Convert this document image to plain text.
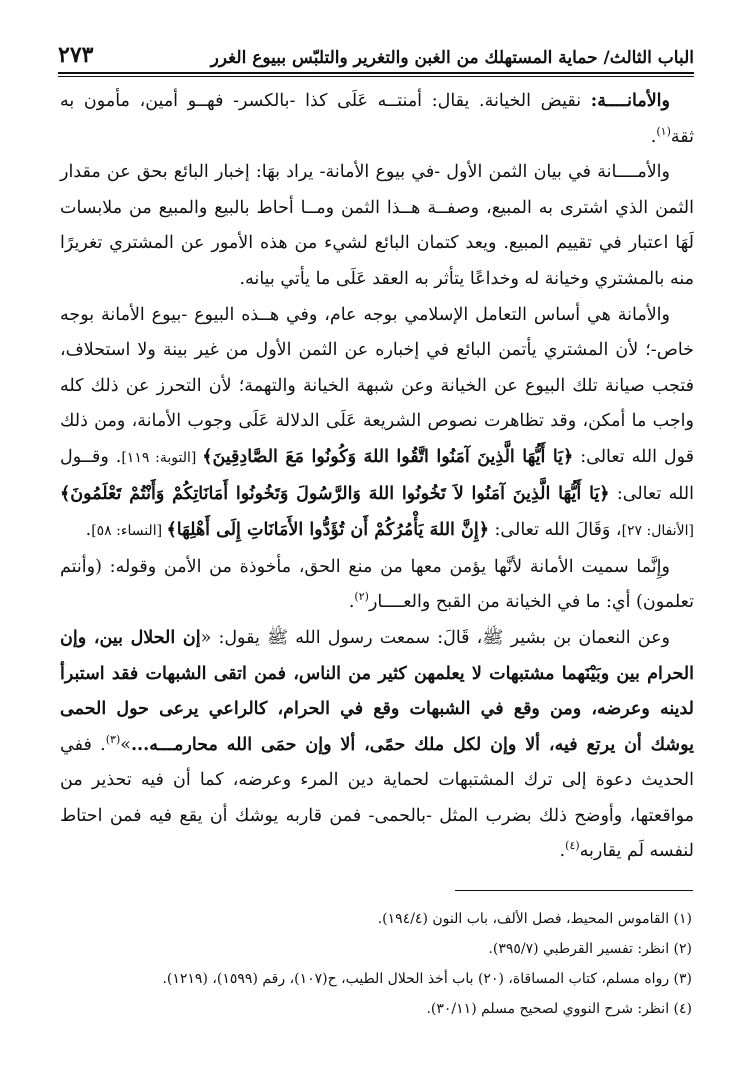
٢٧٣	الباب الثالث/ حماية المستهلك من الغبن والتغرير والتلبّس ببيوع الغرر

والأمانــــة: نقيض الخيانة. يقال: أمنتــه عَلَى كذا -بالكسر- فهــو أمين، مأمون به ثقة$^{(١)}$.

والأمــــانة في بيان الثمن الأول -في بيوع الأمانة- يراد بهَا: إخبار البائع بحق عن مقدار الثمن الذي اشترى به المبيع، وصفــة هــذا الثمن ومــا أحاط بالبيع والمبيع من ملابسات لَهَا اعتبار في تقييم المبيع. ويعد كتمان البائع لشيء من هذه الأمور عن المشتري تغريرًا منه بالمشتري وخيانة له وخداعًا يتأثر به العقد عَلَى ما يأتي بيانه.

والأمانة هي أساس التعامل الإسلامي بوجه عام، وفي هــذه البيوع -بيوع الأمانة بوجه خاص-؛ لأن المشتري يأتمن البائع في إخباره عن الثمن الأول من غير بينة ولا استحلاف، فتجب صيانة تلك البيوع عن الخيانة وعن شبهة الخيانة والتهمة؛ لأن التحرز عن ذلك كله واجب ما أمكن، وقد تظاهرت نصوص الشريعة عَلَى الدلالة عَلَى وجوب الأمانة، ومن ذلك قول الله تعالى: ﴿يَا أَيُّهَا الَّذِينَ آمَنُوا اتَّقُوا اللهَ وَكُونُوا مَعَ الصَّادِقِينَ﴾ [التوبة: ١١٩]. وقــول الله تعالى: ﴿يَا أَيُّهَا الَّذِينَ آمَنُوا لاَ تَخُونُوا اللهَ وَالرَّسُولَ وَتَخُونُوا أَمَانَاتِكُمْ وَأَنْتُمْ تَعْلَمُونَ﴾ [الأنفال: ٢٧]، وَقَالَ الله تعالى: ﴿إِنَّ اللهَ يَأْمُرُكُمْ أَن تُؤَدُّوا الأَمَانَاتِ إِلَى أَهْلِهَا﴾ [النساء: ٥٨].

وإِنَّما سميت الأمانة لأنَّها يؤمن معها من منع الحق، مأخوذة من الأمن وقوله: (وأنتم تعلمون) أي: ما في الخيانة من القبح والعــــار$^{(٢)}$.

وعن النعمان بن بشير ﷺ، قَالَ: سمعت رسول الله ﷺ يقول: «إن الحلال بين، وإن الحرام بين وبَيْنَهما مشتبهات لا يعلمهن كثير من الناس، فمن اتقى الشبهات فقد استبرأ لدينه وعرضه، ومن وقع في الشبهات وقع في الحرام، كالراعي يرعى حول الحمى يوشك أن يرتع فيه، ألا وإن لكل ملك حمًى، ألا وإن حمَى الله محارمـــه...»$^{(٣)}$. ففي الحديث دعوة إلى ترك المشتبهات لحماية دين المرء وعرضه، كما أن فيه تحذير من مواقعتها، وأوضح ذلك بضرب المثل -بالحمى- فمن قاربه يوشك أن يقع فيه فمن احتاط لنفسه لَم يقاربه$^{(٤)}$.

(١) القاموس المحيط، فصل الألف، باب النون (١٩٤/٤).
(٢) انظر: تفسير القرطبي (٣٩٥/٧).
(٣) رواه مسلم، كتاب المساقاة، (٢٠) باب أخذ الحلال الطيب، ح(١٠٧)، رقم (١٥٩٩)، (١٢١٩).
(٤) انظر: شرح النووي لصحيح مسلم (٣٠/١١).
